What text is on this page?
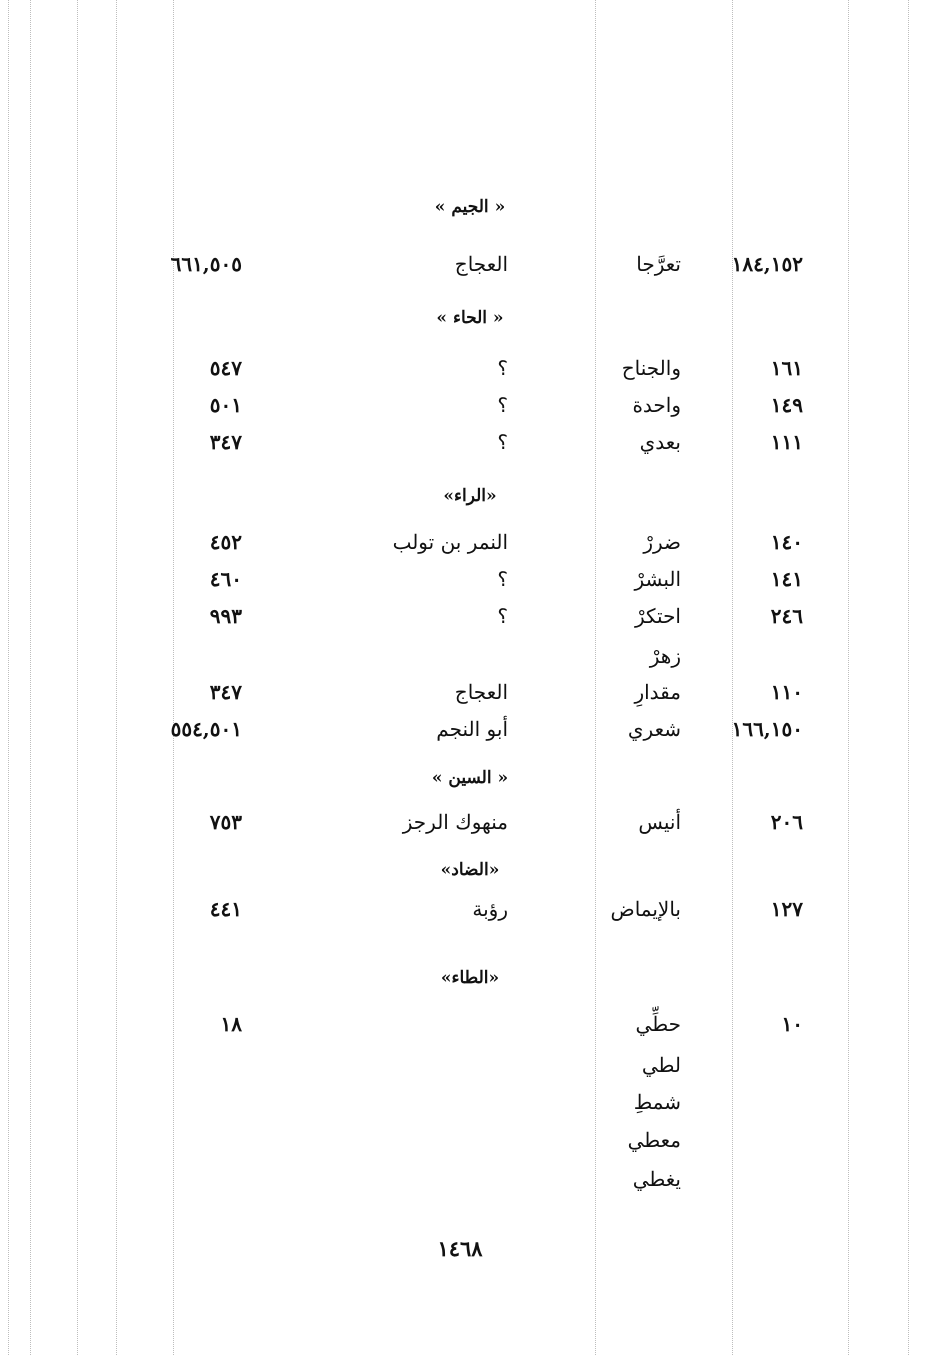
« الجيم »
١٨٤,١٥٢
تعرَّجا
العجاج
٦٦١,٥٠٥
« الحاء »
١٦١
والجناح
؟
٥٤٧
١٤٩
واحدة
؟
٥٠١
١١١
بعدي
؟
٣٤٧
«الراء»
١٤٠
ضررْ
النمر بن تولب
٤٥٢
١٤١
البشرْ
؟
٤٦٠
٢٤٦
احتكرْ
؟
٩٩٣
زهرْ
١١٠
مقدارِ
العجاج
٣٤٧
١٦٦,١٥٠
شعري
أبو النجم
٥٥٤,٥٠١
« السين »
٢٠٦
أنيس
منهوك الرجز
٧٥٣
«الضاد»
١٢٧
بالإيماض
رؤبة
٤٤١
«الطاء»
١٠
حطِّي
١٨
لطي
شمطِ
معطي
يغطي
١٤٦٨
